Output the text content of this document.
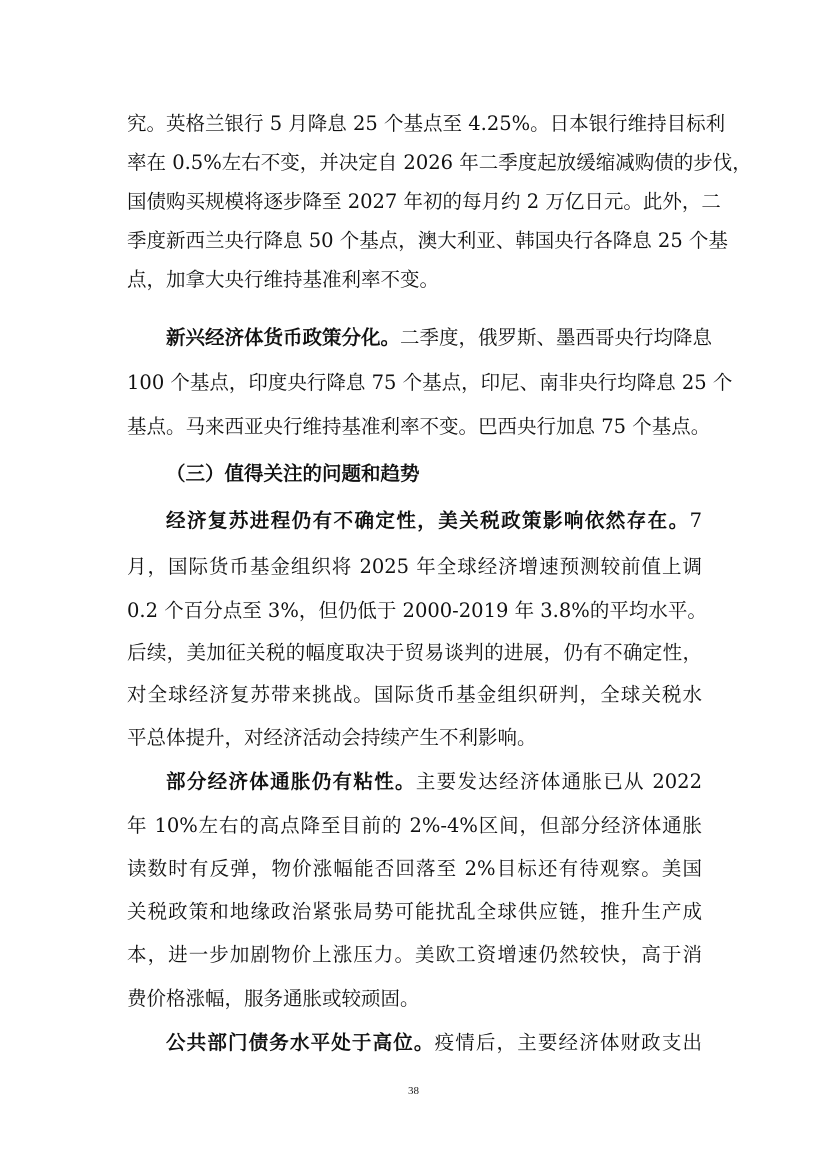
究。英格兰银行 5 月降息 25 个基点至 4.25%。日本银行维持目标利
率在 0.5%左右不变，并决定自 2026 年二季度起放缓缩减购债的步伐，
国债购买规模将逐步降至 2027 年初的每月约 2 万亿日元。此外，二
季度新西兰央行降息 50 个基点，澳大利亚、韩国央行各降息 25 个基
点，加拿大央行维持基准利率不变。
新兴经济体货币政策分化。二季度，俄罗斯、墨西哥央行均降息
100 个基点，印度央行降息 75 个基点，印尼、南非央行均降息 25 个
基点。马来西亚央行维持基准利率不变。巴西央行加息 75 个基点。
（三）值得关注的问题和趋势
经济复苏进程仍有不确定性，美关税政策影响依然存在。7
月，国际货币基金组织将 2025 年全球经济增速预测较前值上调
0.2 个百分点至 3%，但仍低于 2000-2019 年 3.8%的平均水平。
后续，美加征关税的幅度取决于贸易谈判的进展，仍有不确定性，
对全球经济复苏带来挑战。国际货币基金组织研判，全球关税水
平总体提升，对经济活动会持续产生不利影响。
部分经济体通胀仍有粘性。主要发达经济体通胀已从 2022
年 10%左右的高点降至目前的 2%-4%区间，但部分经济体通胀
读数时有反弹，物价涨幅能否回落至 2%目标还有待观察。美国
关税政策和地缘政治紧张局势可能扰乱全球供应链，推升生产成
本，进一步加剧物价上涨压力。美欧工资增速仍然较快，高于消
费价格涨幅，服务通胀或较顽固。
公共部门债务水平处于高位。疫情后，主要经济体财政支出
38
